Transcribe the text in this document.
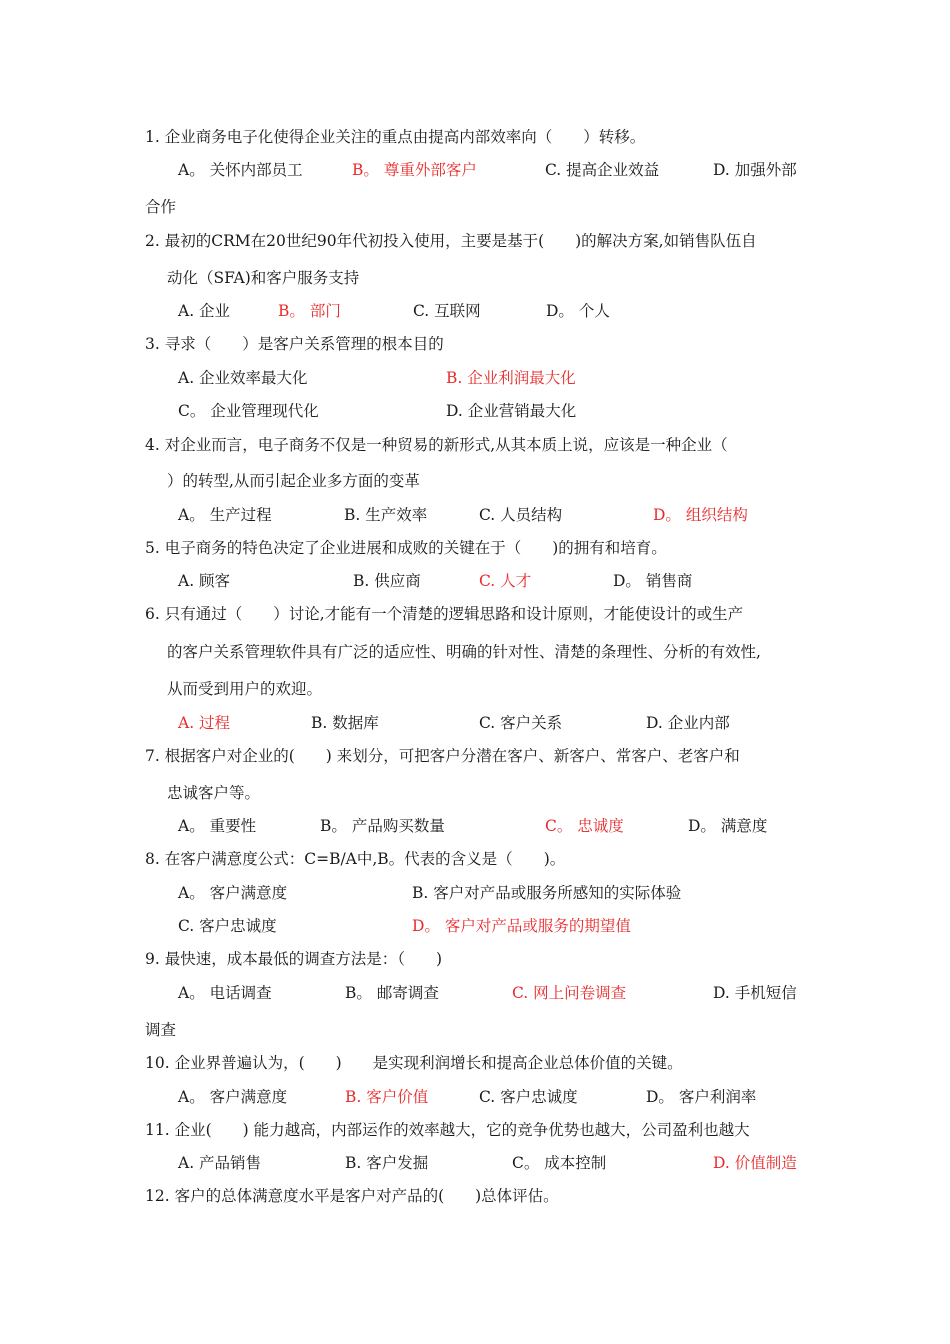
1. 企业商务电子化使得企业关注的重点由提高内部效率向（　　）转移。
A。 关怀内部员工	B。 尊重外部客户	C. 提高企业效益	D. 加强外部
合作
2. 最初的CRM在20世纪90年代初投入使用，主要是基于(　　)的解决方案,如销售队伍自
动化（SFA)和客户服务支持
A. 企业	B。 部门	C. 互联网	D。 个人
3. 寻求（　　）是客户关系管理的根本目的
A. 企业效率最大化	B. 企业利润最大化
C。 企业管理现代化	D. 企业营销最大化
4. 对企业而言，电子商务不仅是一种贸易的新形式,从其本质上说，应该是一种企业（
）的转型,从而引起企业多方面的变革
A。 生产过程	B. 生产效率	C. 人员结构	D。 组织结构
5. 电子商务的特色决定了企业进展和成败的关键在于（　　)的拥有和培育。
A. 顾客	B. 供应商	C. 人才	D。 销售商
6. 只有通过（　　）讨论,才能有一个清楚的逻辑思路和设计原则，才能使设计的或生产
的客户关系管理软件具有广泛的适应性、明确的针对性、清楚的条理性、分析的有效性,
从而受到用户的欢迎。
A. 过程	B. 数据库	C. 客户关系	D. 企业内部
7. 根据客户对企业的(　　) 来划分，可把客户分潜在客户、新客户、常客户、老客户和
忠诚客户等。
A。 重要性	B。 产品购买数量	C。 忠诚度	D。 满意度
8. 在客户满意度公式：C=B/A中,B。代表的含义是（　　)。
A。 客户满意度	B. 客户对产品或服务所感知的实际体验
C. 客户忠诚度	D。 客户对产品或服务的期望值
9. 最快速，成本最低的调查方法是：（　　)
A。 电话调查	B。 邮寄调查	C. 网上问卷调查	D. 手机短信
调查
10. 企业界普遍认为，(　　)　　是实现利润增长和提高企业总体价值的关键。
A。 客户满意度	B. 客户价值	C. 客户忠诚度	D。 客户利润率
11. 企业(　　) 能力越高，内部运作的效率越大，它的竞争优势也越大，公司盈利也越大
A. 产品销售	B. 客户发掘	C。 成本控制	D. 价值制造
12. 客户的总体满意度水平是客户对产品的(　　)总体评估。
